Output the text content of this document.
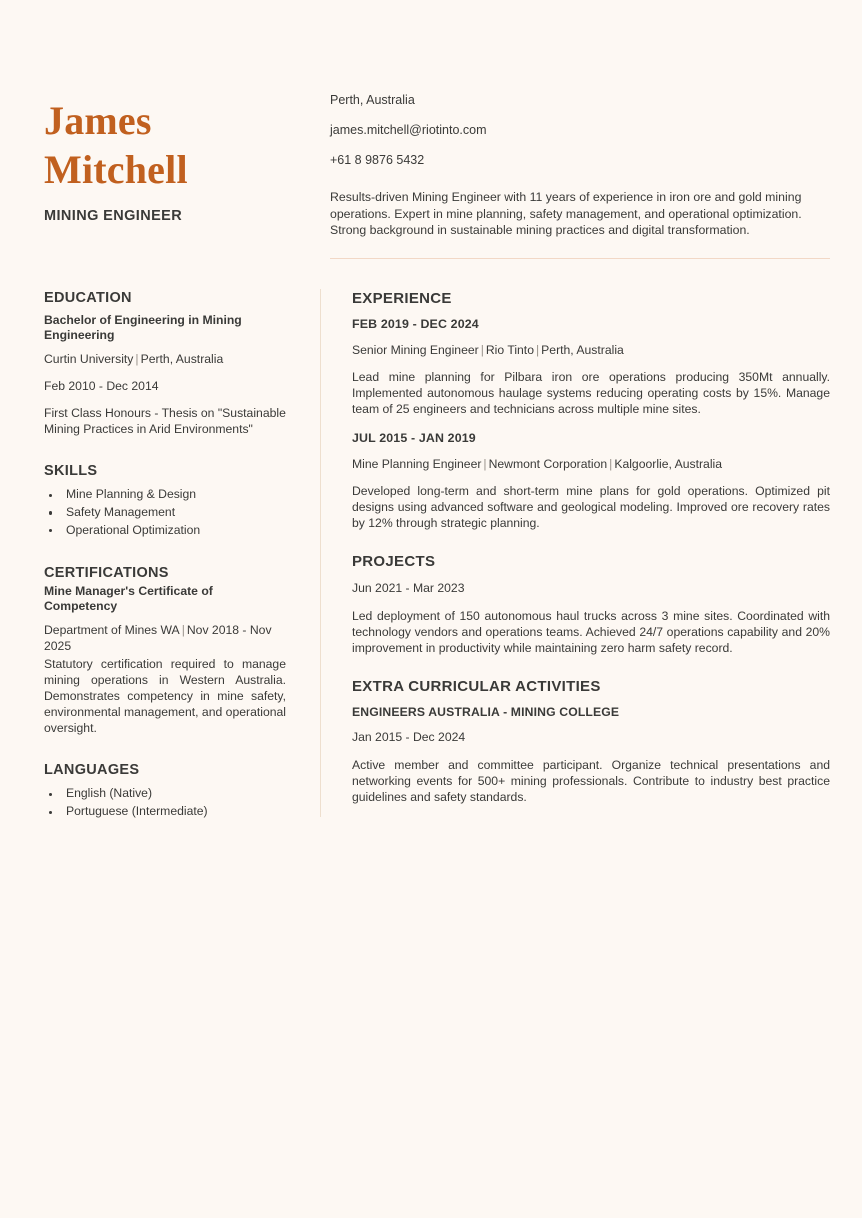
James
Mitchell
MINING ENGINEER
Perth, Australia
james.mitchell@riotinto.com
+61 8 9876 5432
Results-driven Mining Engineer with 11 years of experience in iron ore and gold mining operations. Expert in mine planning, safety management, and operational optimization. Strong background in sustainable mining practices and digital transformation.
EDUCATION
Bachelor of Engineering in Mining Engineering
Curtin University | Perth, Australia
Feb 2010 - Dec 2014
First Class Honours - Thesis on "Sustainable Mining Practices in Arid Environments"
SKILLS
Mine Planning & Design
Safety Management
Operational Optimization
CERTIFICATIONS
Mine Manager's Certificate of Competency
Department of Mines WA | Nov 2018 - Nov 2025
Statutory certification required to manage mining operations in Western Australia. Demonstrates competency in mine safety, environmental management, and operational oversight.
LANGUAGES
English (Native)
Portuguese (Intermediate)
EXPERIENCE
FEB 2019 - DEC 2024
Senior Mining Engineer | Rio Tinto | Perth, Australia
Lead mine planning for Pilbara iron ore operations producing 350Mt annually. Implemented autonomous haulage systems reducing operating costs by 15%. Manage team of 25 engineers and technicians across multiple mine sites.
JUL 2015 - JAN 2019
Mine Planning Engineer | Newmont Corporation | Kalgoorlie, Australia
Developed long-term and short-term mine plans for gold operations. Optimized pit designs using advanced software and geological modeling. Improved ore recovery rates by 12% through strategic planning.
PROJECTS
Jun 2021 - Mar 2023
Led deployment of 150 autonomous haul trucks across 3 mine sites. Coordinated with technology vendors and operations teams. Achieved 24/7 operations capability and 20% improvement in productivity while maintaining zero harm safety record.
EXTRA CURRICULAR ACTIVITIES
ENGINEERS AUSTRALIA - MINING COLLEGE
Jan 2015 - Dec 2024
Active member and committee participant. Organize technical presentations and networking events for 500+ mining professionals. Contribute to industry best practice guidelines and safety standards.
